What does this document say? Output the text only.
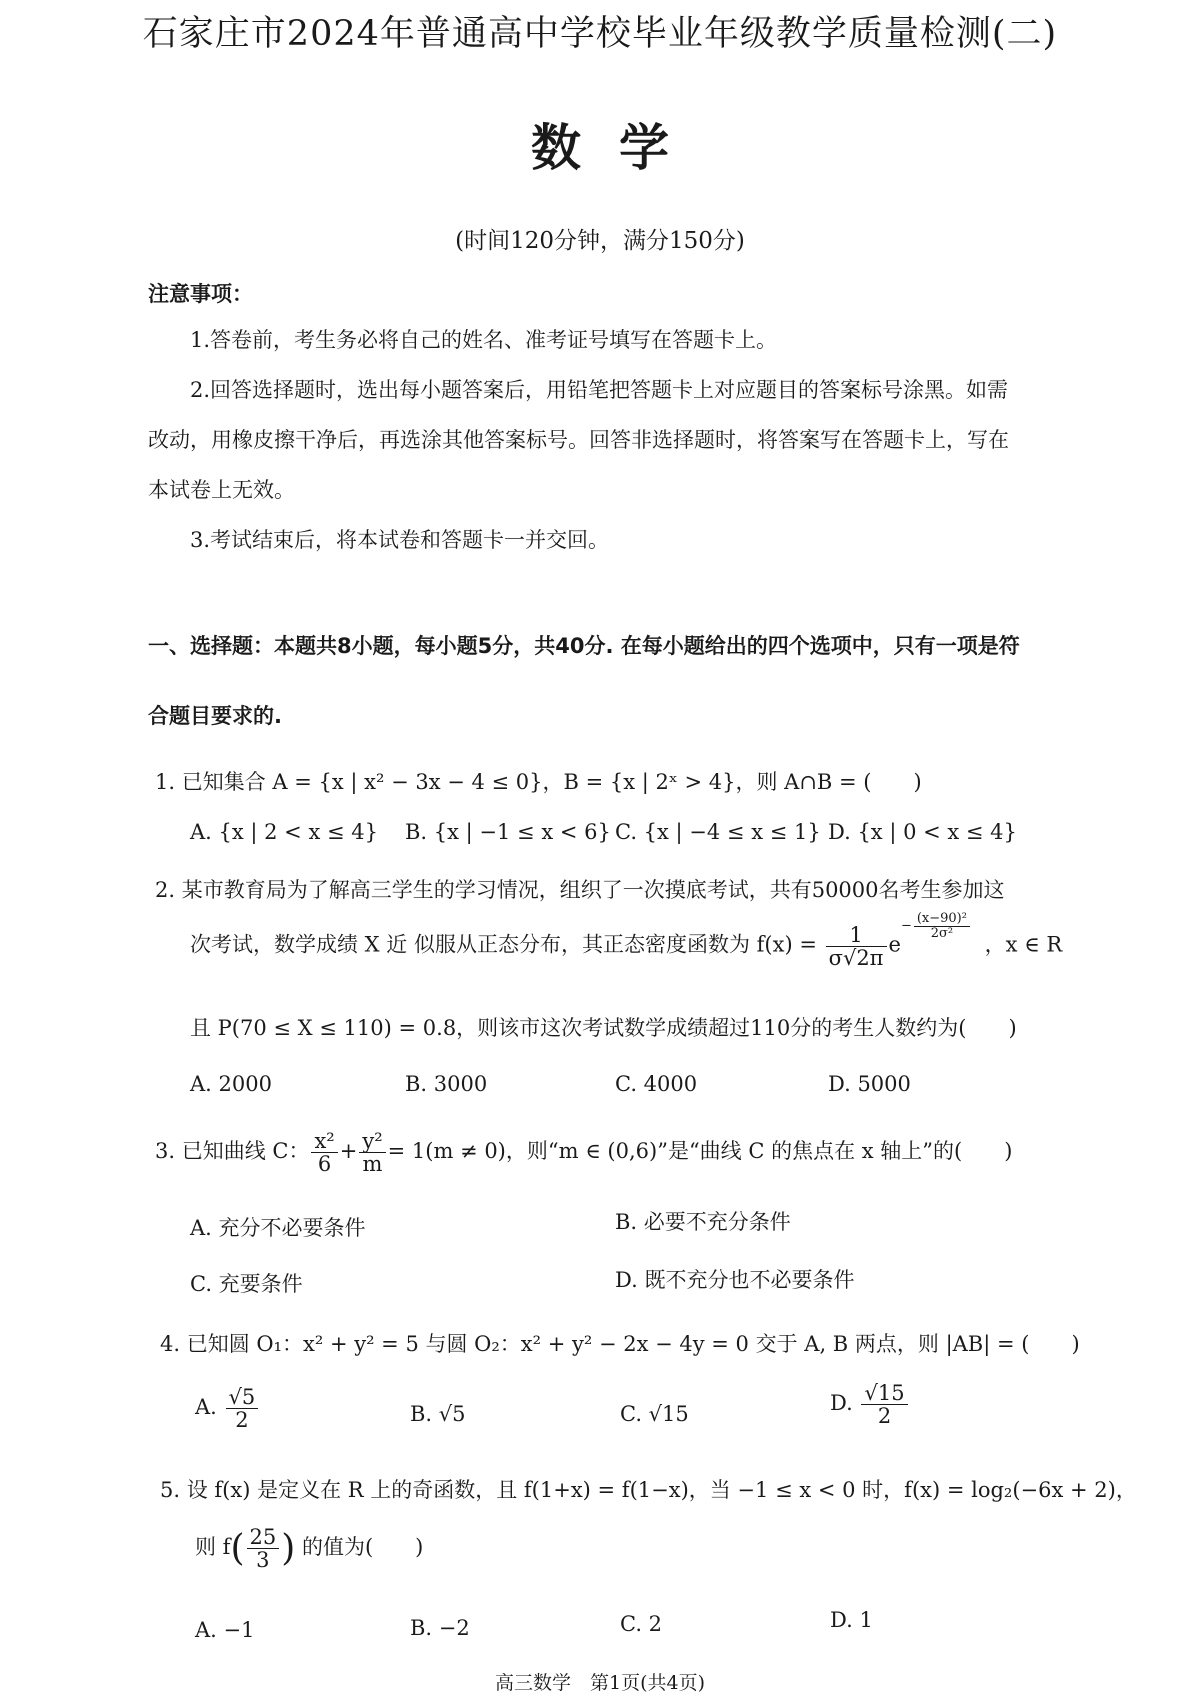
石家庄市2024年普通高中学校毕业年级教学质量检测(二)
数学
(时间120分钟，满分150分)
注意事项：
1.答卷前，考生务必将自己的姓名、准考证号填写在答题卡上。
2.回答选择题时，选出每小题答案后，用铅笔把答题卡上对应题目的答案标号涂黑。如需
改动，用橡皮擦干净后，再选涂其他答案标号。回答非选择题时，将答案写在答题卡上，写在
本试卷上无效。
3.考试结束后，将本试卷和答题卡一并交回。
一、选择题：本题共8小题，每小题5分，共40分. 在每小题给出的四个选项中，只有一项是符
合题目要求的.
1. 已知集合 A = {x | x² − 3x − 4 ≤ 0}，B = {x | 2ˣ > 4}，则 A∩B = (　　)
A. {x | 2 < x ≤ 4} B. {x | −1 ≤ x < 6} C. {x | −4 ≤ x ≤ 1} D. {x | 0 < x ≤ 4}
2. 某市教育局为了解高三学生的学习情况，组织了一次摸底考试，共有50000名考生参加这
次考试，数学成绩 X 近 似服从正态分布，其正态密度函数为 $f(x) = \frac{1}{\sigma√2\pi} e- \frac{\text{(x−90)²}}{\text{2σ²}}$
，x ∈ R
且 P(70 ≤ X ≤ 110) = 0.8，则该市这次考试数学成绩超过110分的考生人数约为(　　)
A. 2000	B. 3000	C. 4000	D. 5000
3. 已知曲线 C： $\frac{\text{x²}}{6} + \frac{\text{y²}}{m} = 1(m \ne 0)$，则“m ∈ (0,6)”是“曲线 C 的焦点在 x 轴上”的(　　)
A. 充分不必要条件	B. 必要不充分条件
C. 充要条件	D. 既不充分也不必要条件
4. 已知圆 O₁：x² + y² = 5 与圆 O₂：x² + y² − 2x − 4y = 0 交于 A, B 两点，则 |AB| = (　　)
A. $\frac{√5}{2}$	B. √5	C. √15	D. $\frac{√15}{2}$
5. 设 f(x) 是定义在 R 上的奇函数，且 f(1+x) = f(1−x)，当 −1 ≤ x < 0 时，f(x) = log₂(−6x + 2)，
则 $f( \frac{25}{3}$ ) 的值为(　　)
A. −1	B. −2	C. 2	D. 1
高三数学　第1页(共4页)
